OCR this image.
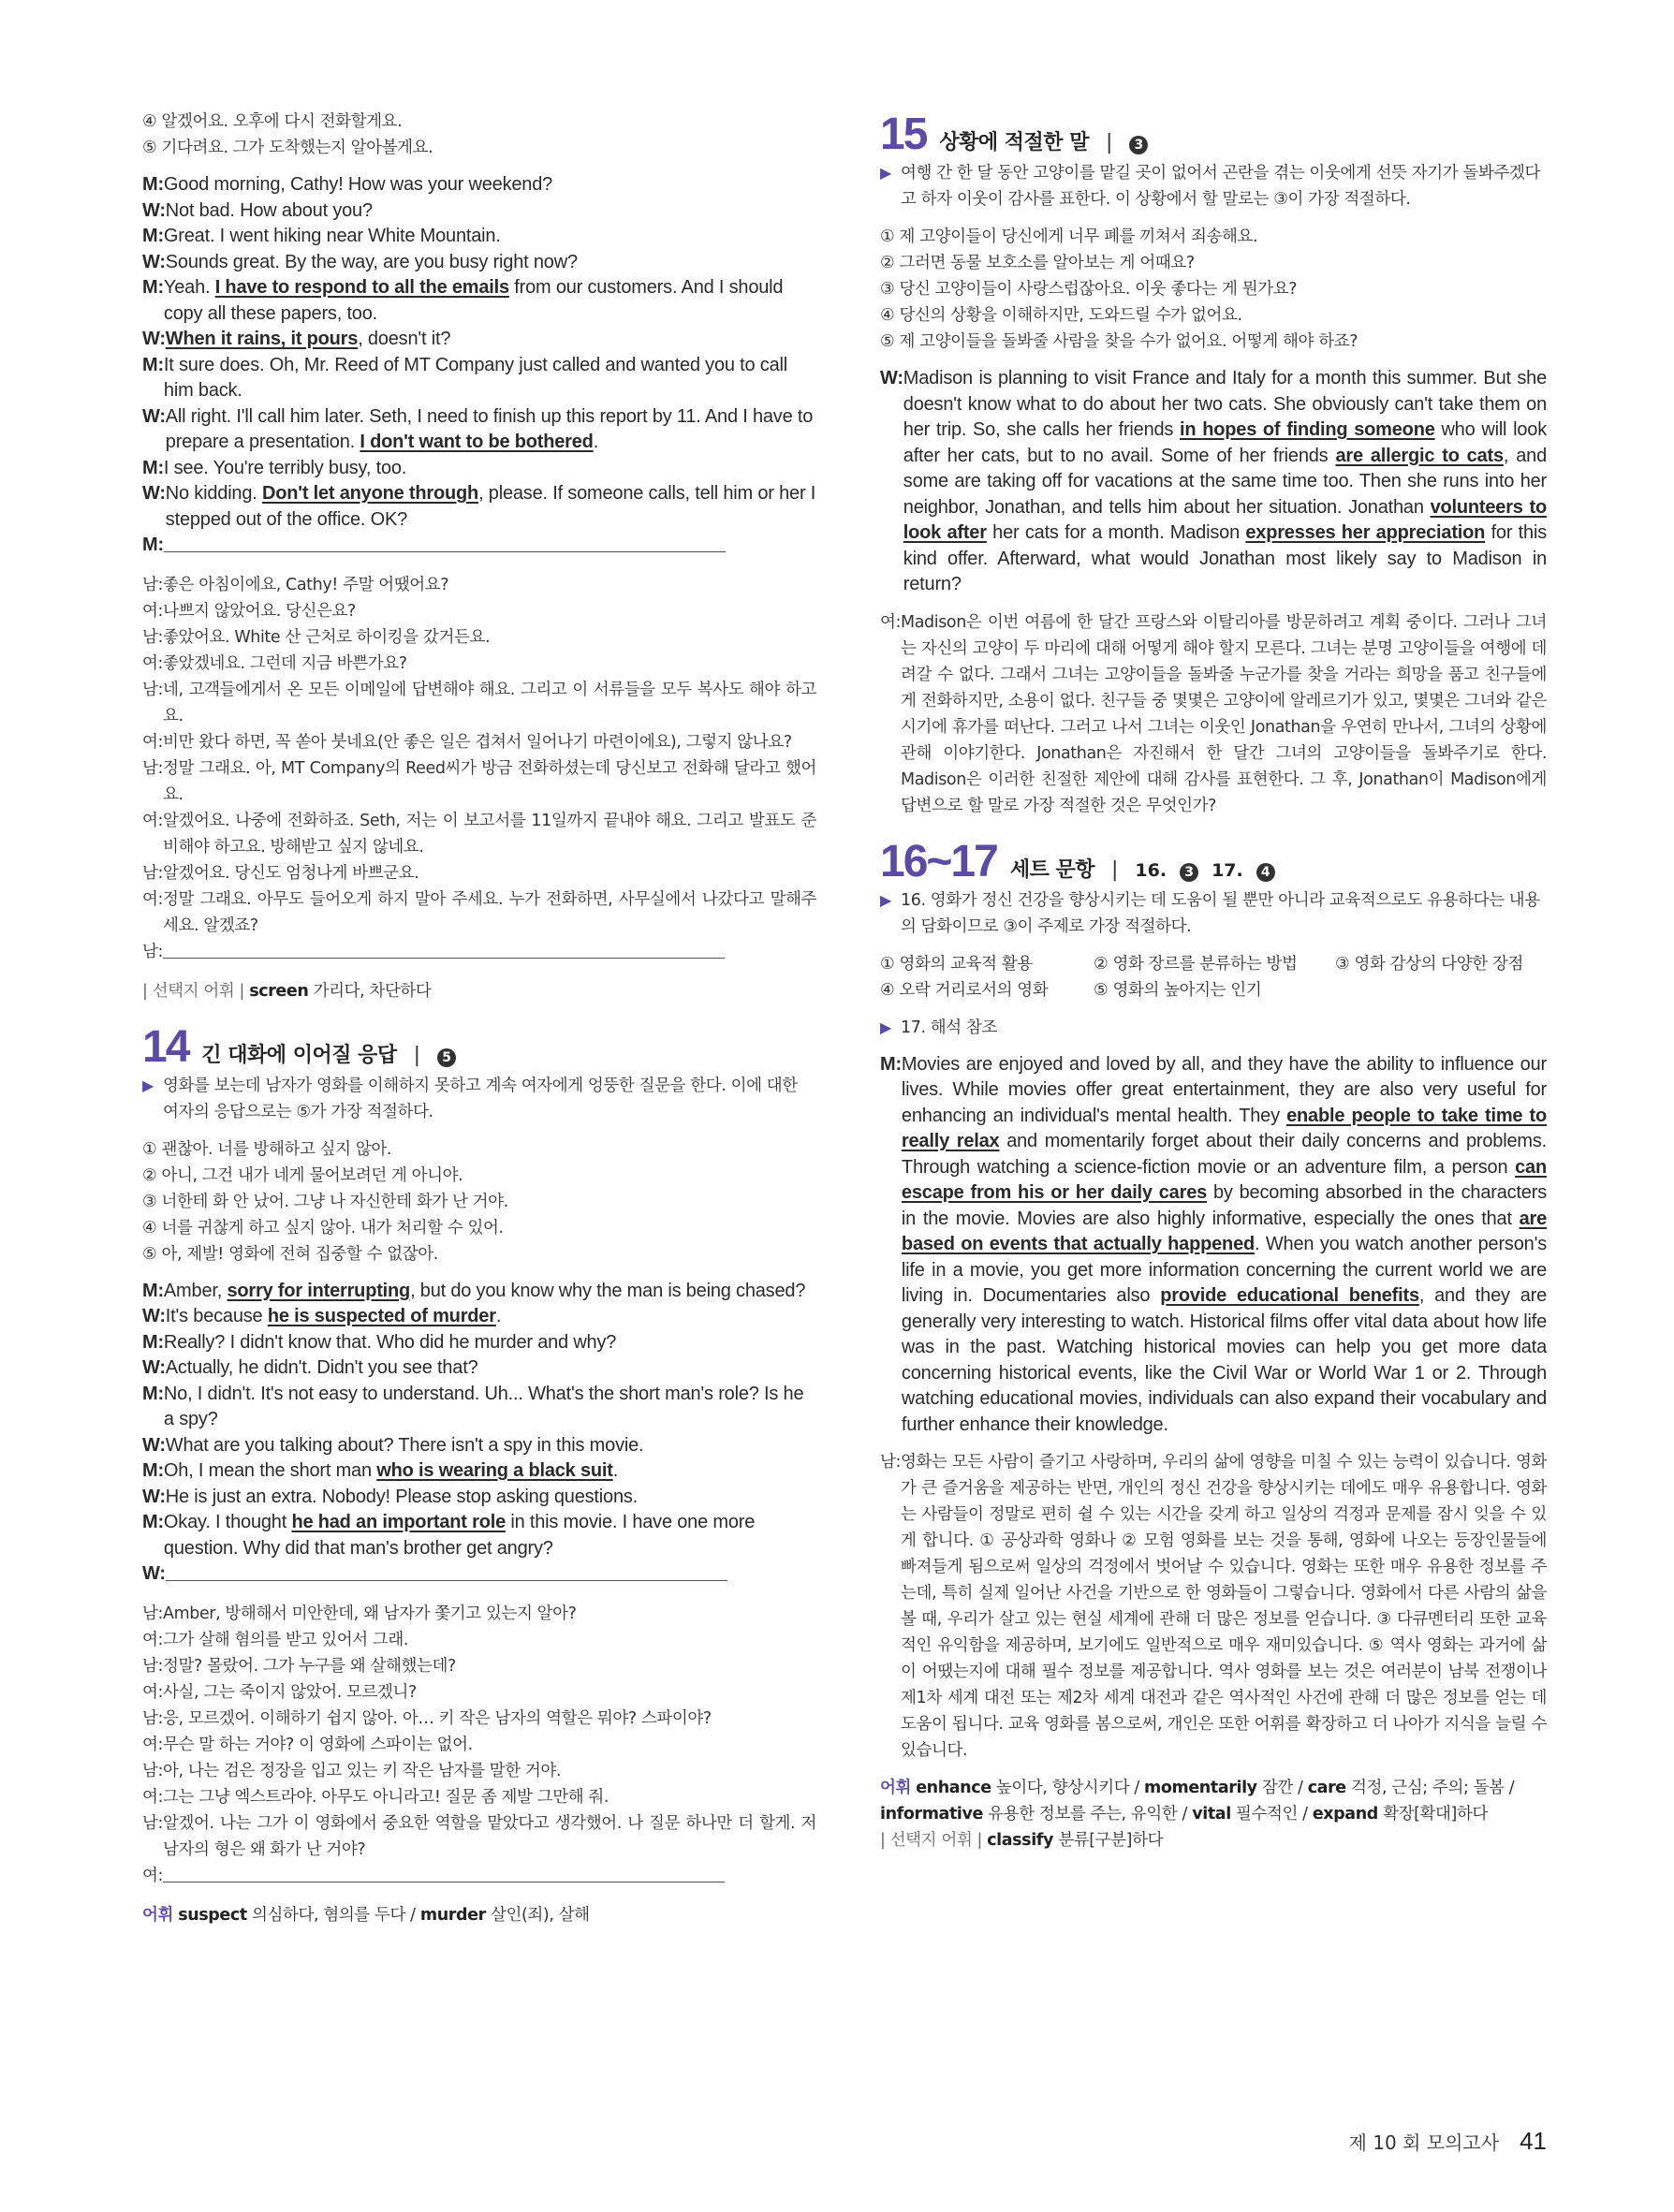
④ 알겠어요. 오후에 다시 전화할게요.
⑤ 기다려요. 그가 도착했는지 알아볼게요.
M: Good morning, Cathy! How was your weekend?
W: Not bad. How about you?
M: Great. I went hiking near White Mountain.
W: Sounds great. By the way, are you busy right now?
M: Yeah. I have to respond to all the emails from our customers. And I should copy all these papers, too.
W: When it rains, it pours, doesn't it?
M: It sure does. Oh, Mr. Reed of MT Company just called and wanted you to call him back.
W: All right. I'll call him later. Seth, I need to finish up this report by 11. And I have to prepare a presentation. I don't want to be bothered.
M: I see. You're terribly busy, too.
W: No kidding. Don't let anyone through, please. If someone calls, tell him or her I stepped out of the office. OK?
M:
남: 좋은 아침이에요, Cathy! 주말 어땠어요?
여: 나쁘지 않았어요. 당신은요?
남: 좋았어요. White 산 근처로 하이킹을 갔거든요.
여: 좋았겠네요. 그런데 지금 바쁜가요?
남: 네, 고객들에게서 온 모든 이메일에 답변해야 해요. 그리고 이 서류들을 모두 복사도 해야 하고요.
여: 비만 왔다 하면, 꼭 쏟아 붓네요(안 좋은 일은 겹쳐서 일어나기 마련이에요), 그렇지 않나요?
남: 정말 그래요. 아, MT Company의 Reed씨가 방금 전화하셨는데 당신보고 전화해 달라고 했어요.
여: 알겠어요. 나중에 전화하죠. Seth, 저는 이 보고서를 11일까지 끝내야 해요. 그리고 발표도 준비해야 하고요. 방해받고 싶지 않네요.
남: 알겠어요. 당신도 엄청나게 바쁘군요.
여: 정말 그래요. 아무도 들어오게 하지 말아 주세요. 누가 전화하면, 사무실에서 나갔다고 말해주세요. 알겠죠?
남:
| 선택지 어휘 | screen 가리다, 차단하다
14 긴 대화에 이어질 응답 |	5
▶ 영화를 보는데 남자가 영화를 이해하지 못하고 계속 여자에게 엉뚱한 질문을 한다. 이에 대한 여자의 응답으로는 ⑤가 가장 적절하다.
① 괜찮아. 너를 방해하고 싶지 않아.
② 아니, 그건 내가 네게 물어보려던 게 아니야.
③ 너한테 화 안 났어. 그냥 나 자신한테 화가 난 거야.
④ 너를 귀찮게 하고 싶지 않아. 내가 처리할 수 있어.
⑤ 아, 제발! 영화에 전혀 집중할 수 없잖아.
M: Amber, sorry for interrupting, but do you know why the man is being chased?
W: It's because he is suspected of murder.
M: Really? I didn't know that. Who did he murder and why?
W: Actually, he didn't. Didn't you see that?
M: No, I didn't. It's not easy to understand. Uh... What's the short man's role? Is he a spy?
W: What are you talking about? There isn't a spy in this movie.
M: Oh, I mean the short man who is wearing a black suit.
W: He is just an extra. Nobody! Please stop asking questions.
M: Okay. I thought he had an important role in this movie. I have one more question. Why did that man's brother get angry?
W:
남: Amber, 방해해서 미안한데, 왜 남자가 쫓기고 있는지 알아?
여: 그가 살해 혐의를 받고 있어서 그래.
남: 정말? 몰랐어. 그가 누구를 왜 살해했는데?
여: 사실, 그는 죽이지 않았어. 모르겠니?
남: 응, 모르겠어. 이해하기 쉽지 않아. 아… 키 작은 남자의 역할은 뭐야? 스파이야?
여: 무슨 말 하는 거야? 이 영화에 스파이는 없어.
남: 아, 나는 검은 정장을 입고 있는 키 작은 남자를 말한 거야.
여: 그는 그냥 엑스트라야. 아무도 아니라고! 질문 좀 제발 그만해 줘.
남: 알겠어. 나는 그가 이 영화에서 중요한 역할을 맡았다고 생각했어. 나 질문 하나만 더 할게. 저 남자의 형은 왜 화가 난 거야?
여:
어휘 suspect 의심하다, 혐의를 두다 / murder 살인(죄), 살해
15 상황에 적절한 말 |	3
▶ 여행 간 한 달 동안 고양이를 맡길 곳이 없어서 곤란을 겪는 이웃에게 선뜻 자기가 돌봐주겠다고 하자 이웃이 감사를 표한다. 이 상황에서 할 말로는 ③이 가장 적절하다.
① 제 고양이들이 당신에게 너무 폐를 끼쳐서 죄송해요.
② 그러면 동물 보호소를 알아보는 게 어때요?
③ 당신 고양이들이 사랑스럽잖아요. 이웃 좋다는 게 뭔가요?
④ 당신의 상황을 이해하지만, 도와드릴 수가 없어요.
⑤ 제 고양이들을 돌봐줄 사람을 찾을 수가 없어요. 어떻게 해야 하죠?
W: Madison is planning to visit France and Italy for a month this summer. But she doesn't know what to do about her two cats. She obviously can't take them on her trip. So, she calls her friends in hopes of finding someone who will look after her cats, but to no avail. Some of her friends are allergic to cats, and some are taking off for vacations at the same time too. Then she runs into her neighbor, Jonathan, and tells him about her situation. Jonathan volunteers to look after her cats for a month. Madison expresses her appreciation for this kind offer. Afterward, what would Jonathan most likely say to Madison in return?
여: Madison은 이번 여름에 한 달간 프랑스와 이탈리아를 방문하려고 계획 중이다. 그러나 그녀는 자신의 고양이 두 마리에 대해 어떻게 해야 할지 모른다. 그녀는 분명 고양이들을 여행에 데려갈 수 없다. 그래서 그녀는 고양이들을 돌봐줄 누군가를 찾을 거라는 희망을 품고 친구들에게 전화하지만, 소용이 없다. 친구들 중 몇몇은 고양이에 알레르기가 있고, 몇몇은 그녀와 같은 시기에 휴가를 떠난다. 그러고 나서 그녀는 이웃인 Jonathan을 우연히 만나서, 그녀의 상황에 관해 이야기한다. Jonathan은 자진해서 한 달간 그녀의 고양이들을 돌봐주기로 한다. Madison은 이러한 친절한 제안에 대해 감사를 표현한다. 그 후, Jonathan이 Madison에게 답변으로 할 말로 가장 적절한 것은 무엇인가?
16~17 세트 문항 | 16.	3 17.	4
▶ 16. 영화가 정신 건강을 향상시키는 데 도움이 될 뿐만 아니라 교육적으로도 유용하다는 내용의 담화이므로 ③이 주제로 가장 적절하다.
① 영화의 교육적 활용	② 영화 장르를 분류하는 방법	③ 영화 감상의 다양한 장점
④ 오락 거리로서의 영화	⑤ 영화의 높아지는 인기
▶ 17. 해석 참조
M: Movies are enjoyed and loved by all, and they have the ability to influence our lives. While movies offer great entertainment, they are also very useful for enhancing an individual's mental health. They enable people to take time to really relax and momentarily forget about their daily concerns and problems. Through watching a science-fiction movie or an adventure film, a person can escape from his or her daily cares by becoming absorbed in the characters in the movie. Movies are also highly informative, especially the ones that are based on events that actually happened. When you watch another person's life in a movie, you get more information concerning the current world we are living in. Documentaries also provide educational benefits, and they are generally very interesting to watch. Historical films offer vital data about how life was in the past. Watching historical movies can help you get more data concerning historical events, like the Civil War or World War 1 or 2. Through watching educational movies, individuals can also expand their vocabulary and further enhance their knowledge.
남: 영화는 모든 사람이 즐기고 사랑하며, 우리의 삶에 영향을 미칠 수 있는 능력이 있습니다. 영화가 큰 즐거움을 제공하는 반면, 개인의 정신 건강을 향상시키는 데에도 매우 유용합니다. 영화는 사람들이 정말로 편히 쉴 수 있는 시간을 갖게 하고 일상의 걱정과 문제를 잠시 잊을 수 있게 합니다. ① 공상과학 영화나 ② 모험 영화를 보는 것을 통해, 영화에 나오는 등장인물들에 빠져들게 됨으로써 일상의 걱정에서 벗어날 수 있습니다. 영화는 또한 매우 유용한 정보를 주는데, 특히 실제 일어난 사건을 기반으로 한 영화들이 그렇습니다. 영화에서 다른 사람의 삶을 볼 때, 우리가 살고 있는 현실 세계에 관해 더 많은 정보를 얻습니다. ③ 다큐멘터리 또한 교육적인 유익함을 제공하며, 보기에도 일반적으로 매우 재미있습니다. ⑤ 역사 영화는 과거에 삶이 어땠는지에 대해 필수 정보를 제공합니다. 역사 영화를 보는 것은 여러분이 남북 전쟁이나 제1차 세계 대전 또는 제2차 세계 대전과 같은 역사적인 사건에 관해 더 많은 정보를 얻는 데 도움이 됩니다. 교육 영화를 봄으로써, 개인은 또한 어휘를 확장하고 더 나아가 지식을 늘릴 수 있습니다.
어휘 enhance 높이다, 향상시키다 / momentarily 잠깐 / care 걱정, 근심; 주의; 돌봄 / informative 유용한 정보를 주는, 유익한 / vital 필수적인 / expand 확장[확대]하다
| 선택지 어휘 | classify 분류[구분]하다
제 10 회 모의고사 41
